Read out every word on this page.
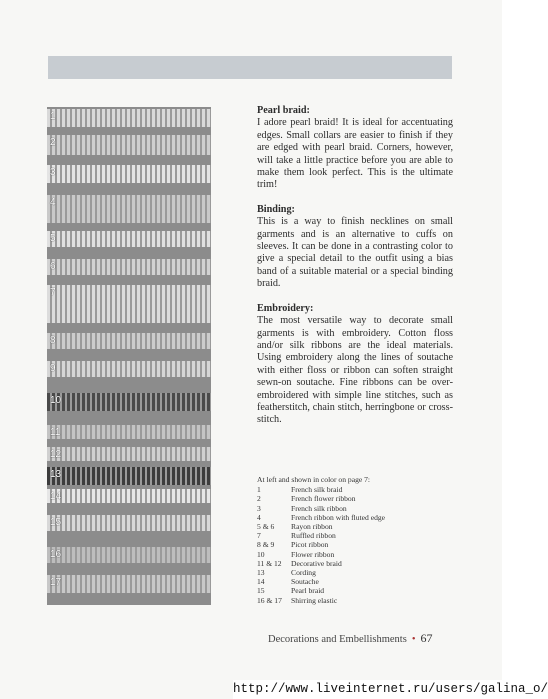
1
2
3
4
5
6
7
8
9
10
11
12
13
14
15
16
17

Pearl braid:

I adore pearl braid! It is ideal for accentuating edges. Small collars are easier to finish if they are edged with pearl braid. Corners, however, will take a little practice before you are able to make them look perfect. This is the ultimate trim!

Binding:

This is a way to finish necklines on small garments and is an alternative to cuffs on sleeves. It can be done in a contrasting color to give a special detail to the outfit using a bias band of a suitable material or a special binding braid.

Embroidery:

The most versatile way to decorate small garments is with embroidery. Cotton floss and/or silk ribbons are the ideal materials. Using embroidery along the lines of soutache with either floss or ribbon can soften straight sewn-on soutache. Fine ribbons can be over-embroidered with simple line stitches, such as featherstitch, chain stitch, herringbone or cross-stitch.

At left and shown in color on page 7:

1	French silk braid
2	French flower ribbon
3	French silk ribbon
4	French ribbon with fluted edge
5 & 6	Rayon ribbon
7	Ruffled ribbon
8 & 9	Picot ribbon
10	Flower ribbon
11 & 12	Decorative braid
13	Cording
14	Soutache
15	Pearl braid
16 & 17	Shirring elastic
Decorations and Embellishments • 67
http://www.liveinternet.ru/users/galina_o/
